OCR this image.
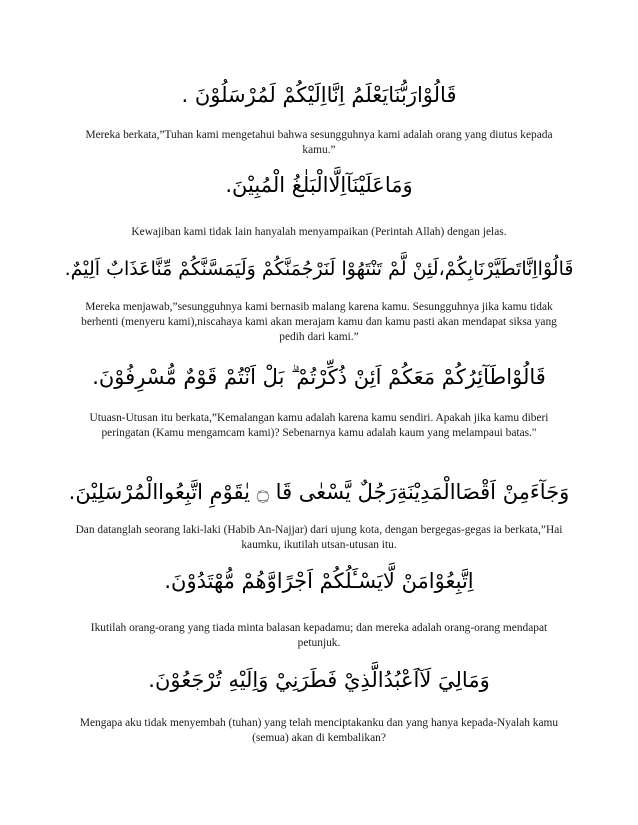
قَالُوْارَبُّنَايَعْلَمُ اِنَّااِلَيْكُمْ لَمُرْسَلُوْنَ .
Mereka berkata,”Tuhan kami mengetahui bahwa sesungguhnya kami adalah orang yang diutus kepada kamu.”
وَمَاعَلَيْنَآاِلَّاالْبَلٰغُ الْمُبِيْنَ.
Kewajiban kami tidak lain hanyalah menyampaikan (Perintah Allah) dengan jelas.
قَالُوْااِنَّاتَطَيَّرْنَابِكُمْ،لَئِنْ لَّمْ تَنْتَهُوْا لَنَرْجُمَنَّكُمْ وَلَيَمَسَّنَّكُمْ مِّنَّاعَذَابٌ اَلِيْمٌ.
Mereka menjawab,”sesungguhnya kami bernasib malang karena kamu. Sesungguhnya jika kamu tidak berhenti (menyeru kami),niscahaya kami akan merajam kamu dan kamu pasti akan mendapat siksa yang pedih dari kami.”
قَالُوْاطَآئِرُكُمْ مَعَكُمْ اَئِنْ ذُكِّرْتُمْ ۗ بَلْ اَنْتُمْ قَوْمٌ مُّسْرِفُوْنَ.
Utuasn-Utusan itu berkata,”Kemalangan kamu adalah karena kamu sendiri. Apakah jika kamu diberi peringatan (Kamu mengamcam kami)? Sebenarnya kamu adalah kaum yang melampaui batas."
وَجَآءَمِنْ اَقْصَاالْمَدِيْنَةِرَجُلٌ يَّسْعٰى قَا ۝ يٰقَوْمِ اتَّبِعُواالْمُرْسَلِيْنَ.
Dan datanglah seorang laki-laki (Habib An-Najjar) dari ujung kota, dengan bergegas-gegas ia berkata,”Hai kaumku, ikutilah utsan-utusan itu.
اِتَّبِعُوْامَنْ لَّايَسْـَٔلُكُمْ اَجْرًاوَّهُمْ مُّهْتَدُوْنَ.
Ikutilah orang-orang yang tiada minta balasan kepadamu; dan mereka adalah orang-orang mendapat petunjuk.
وَمَالِيَ لَآاَعْبُدُالَّذِيْ فَطَرَنِيْ وَاِلَيْهِ تُرْجَعُوْنَ.
Mengapa aku tidak menyembah (tuhan) yang telah menciptakanku dan yang hanya kepada-Nyalah kamu (semua) akan di kembalikan?
